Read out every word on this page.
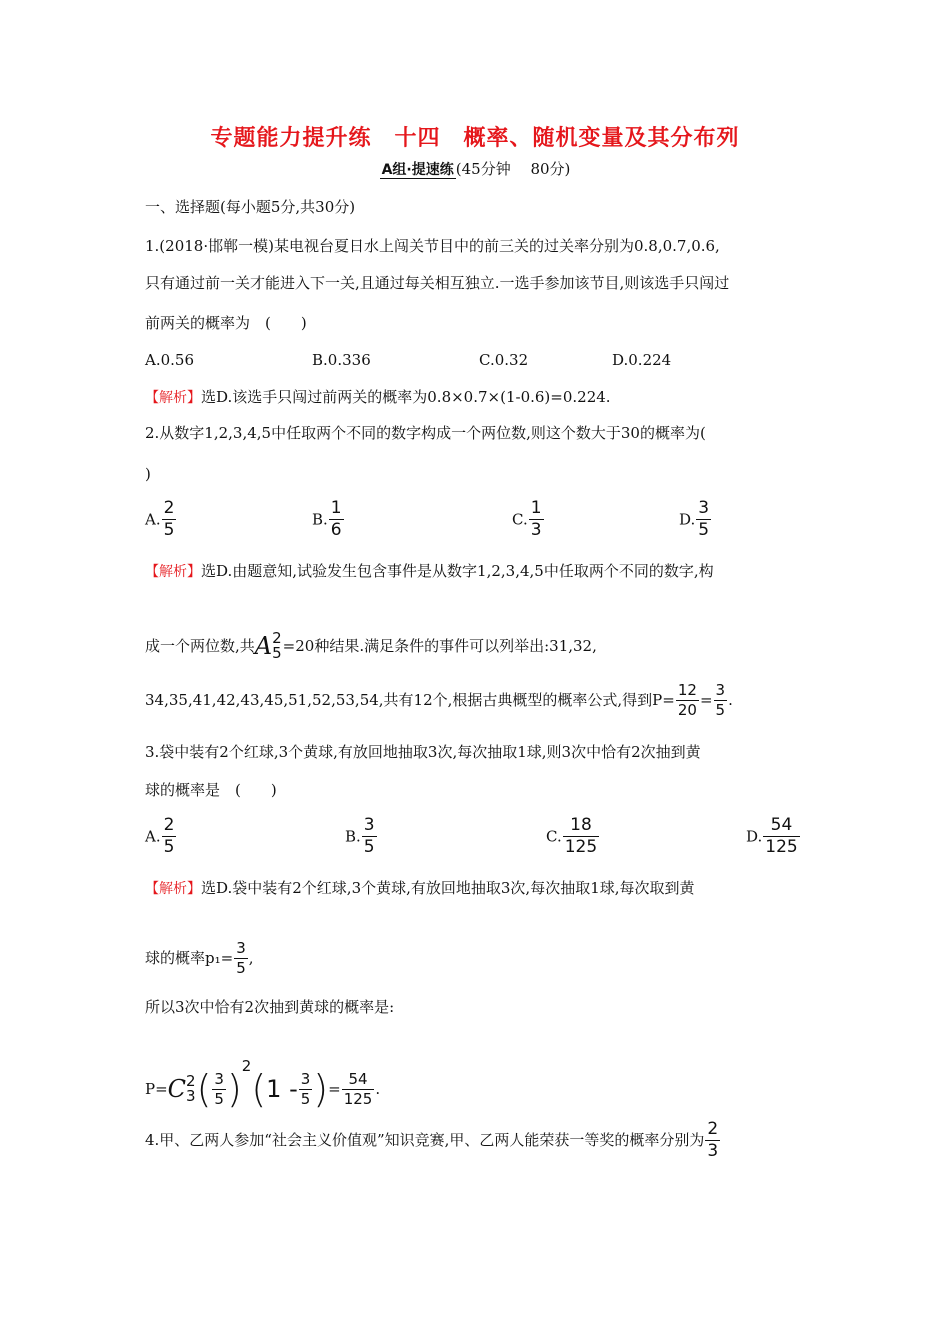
专题能力提升练　十四　概率、随机变量及其分布列
A组·提速练 (45分钟　 80分)
一、选择题(每小题5分,共30分)
1.(2018·邯郸一模)某电视台夏日水上闯关节目中的前三关的过关率分别为0.8,0.7,0.6,
只有通过前一关才能进入下一关,且通过每关相互独立.一选手参加该节目,则该选手只闯过
前两关的概率为　(　　)
A.0.56	B.0.336	C.0.32	D.0.224
【解析】选D.该选手只闯过前两关的概率为0.8×0.7×(1-0.6)=0.224.
2.从数字1,2,3,4,5中任取两个不同的数字构成一个两位数,则这个数大于30的概率为(
)
A. $\frac{2}{5}$	B. $\frac{1}{6}$	C. $\frac{1}{3}$	D. $\frac{3}{5}$
【解析】选D.由题意知,试验发生包含事件是从数字1,2,3,4,5中任取两个不同的数字,构
成一个两位数,共A 2
5 =20种结果.满足条件的事件可以列举出:31,32,
34,35,41,42,43,45,51,52,53,54,共有12个,根据古典概型的概率公式,得到$P= \frac{12}{20} = \frac{3}{5}$ .
3.袋中装有2个红球,3个黄球,有放回地抽取3次,每次抽取1球,则3次中恰有2次抽到黄
球的概率是　(　　)
A. $\frac{2}{5}$	B. $\frac{3}{5}$	C. $\frac{18}{125}$	D. $\frac{54}{125}$
【解析】选D.袋中装有2个红球,3个黄球,有放回地抽取3次,每次抽取1球,每次取到黄
球的概率$p_1= \frac{3}{5}$ ,
所以3次中恰有2次抽到黄球的概率是:
P=C 2
3 ( $\frac{3}{5} )2(1 - \frac{3}{5}$ )= $\frac{54}{125}$ .
4.甲、乙两人参加“社会主义价值观”知识竞赛,甲、乙两人能荣获一等奖的概率分别为 $\frac{2}{3}$
